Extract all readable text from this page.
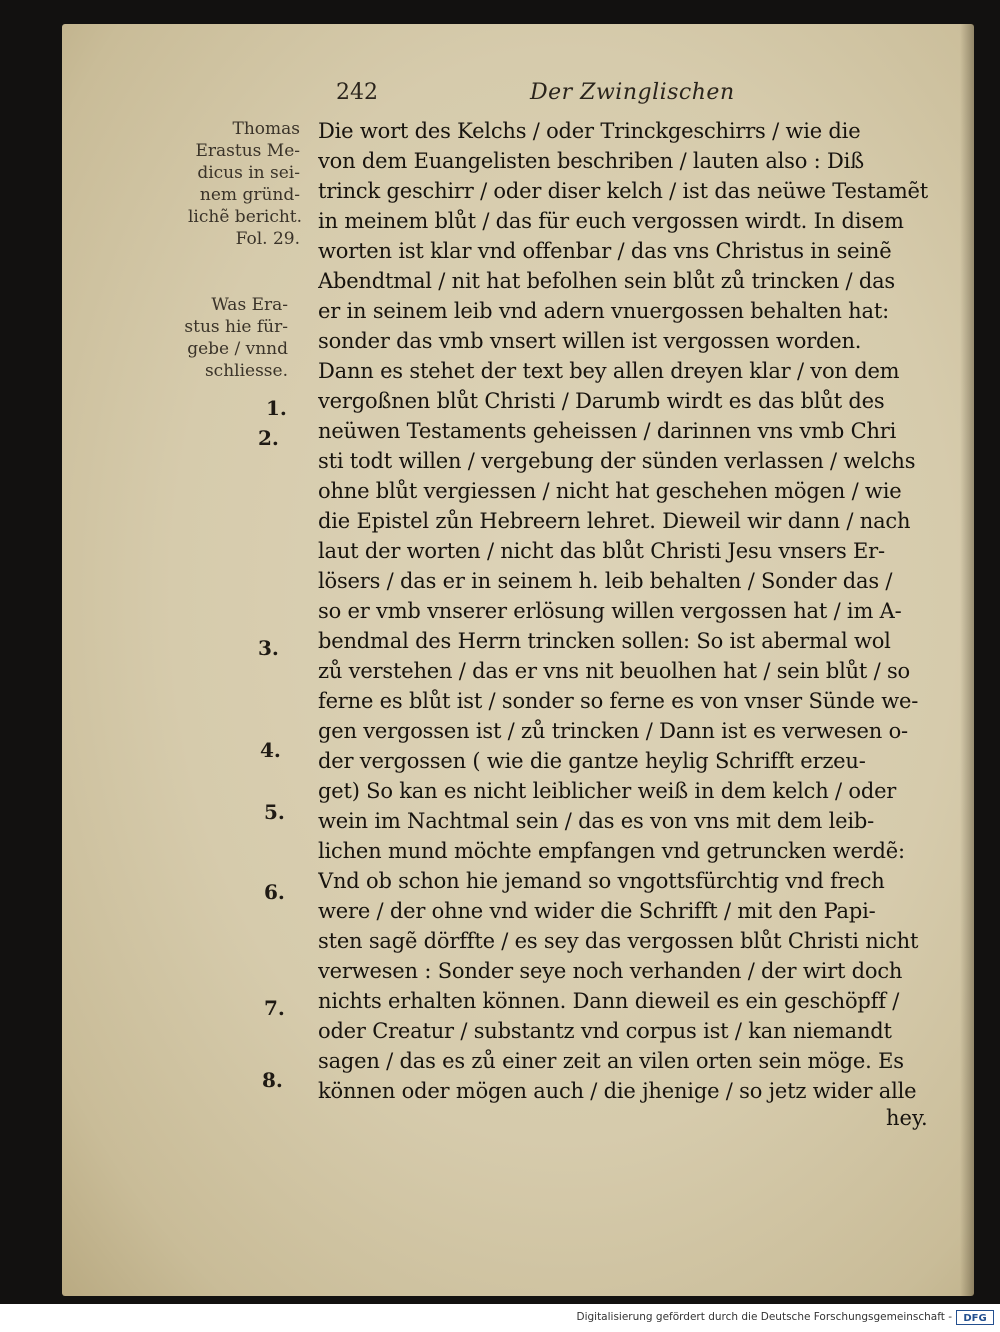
242	Der Zwinglischen
Thomas
Erastus Me-
dicus in sei-
nem gründ-
lichẽ bericht.
Fol. 29.
Was Era-
stus hie für-
gebe / vnnd
schliesse.
1.
2.
3.
4.
5.
6.
7.
8.
Die wort des Kelchs / oder Trinckgeschirrs / wie die
von dem Euangelisten beschriben / lauten also : Diß
trinck geschirr / oder diser kelch / ist das neüwe Testamẽt
in meinem blůt / das für euch vergossen wirdt. In disem
worten ist klar vnd offenbar / das vns Christus in seinẽ
Abendtmal / nit hat befolhen sein blůt zů trincken / das
er in seinem leib vnd adern vnuergossen behalten hat:
sonder das vmb vnsert willen ist vergossen worden.
Dann es stehet der text bey allen dreyen klar / von dem
vergoßnen blůt Christi / Darumb wirdt es das blůt des
neüwen Testaments geheissen / darinnen vns vmb Chri
sti todt willen / vergebung der sünden verlassen / welchs
ohne blůt vergiessen / nicht hat geschehen mögen / wie
die Epistel zůn Hebreern lehret. Dieweil wir dann / nach
laut der worten / nicht das blůt Christi Jesu vnsers Er-
lösers / das er in seinem h. leib behalten / Sonder das /
so er vmb vnserer erlösung willen vergossen hat / im A-
bendmal des Herrn trincken sollen: So ist abermal wol
zů verstehen / das er vns nit beuolhen hat / sein blůt / so
ferne es blůt ist / sonder so ferne es von vnser Sünde we-
gen vergossen ist / zů trincken / Dann ist es verwesen o-
der vergossen ( wie die gantze heylig Schrifft erzeu-
get) So kan es nicht leiblicher weiß in dem kelch / oder
wein im Nachtmal sein / das es von vns mit dem leib-
lichen mund möchte empfangen vnd getruncken werdẽ:
Vnd ob schon hie jemand so vngottsfürchtig vnd frech
were / der ohne vnd wider die Schrifft / mit den Papi-
sten sagẽ dörffte / es sey das vergossen blůt Christi nicht
verwesen : Sonder seye noch verhanden / der wirt doch
nichts erhalten können. Dann dieweil es ein geschöpff /
oder Creatur / substantz vnd corpus ist / kan niemandt
sagen / das es zů einer zeit an vilen orten sein möge. Es
können oder mögen auch / die jhenige / so jetz wider alle
hey.
Digitalisierung gefördert durch die Deutsche Forschungsgemeinschaft -	DFG
